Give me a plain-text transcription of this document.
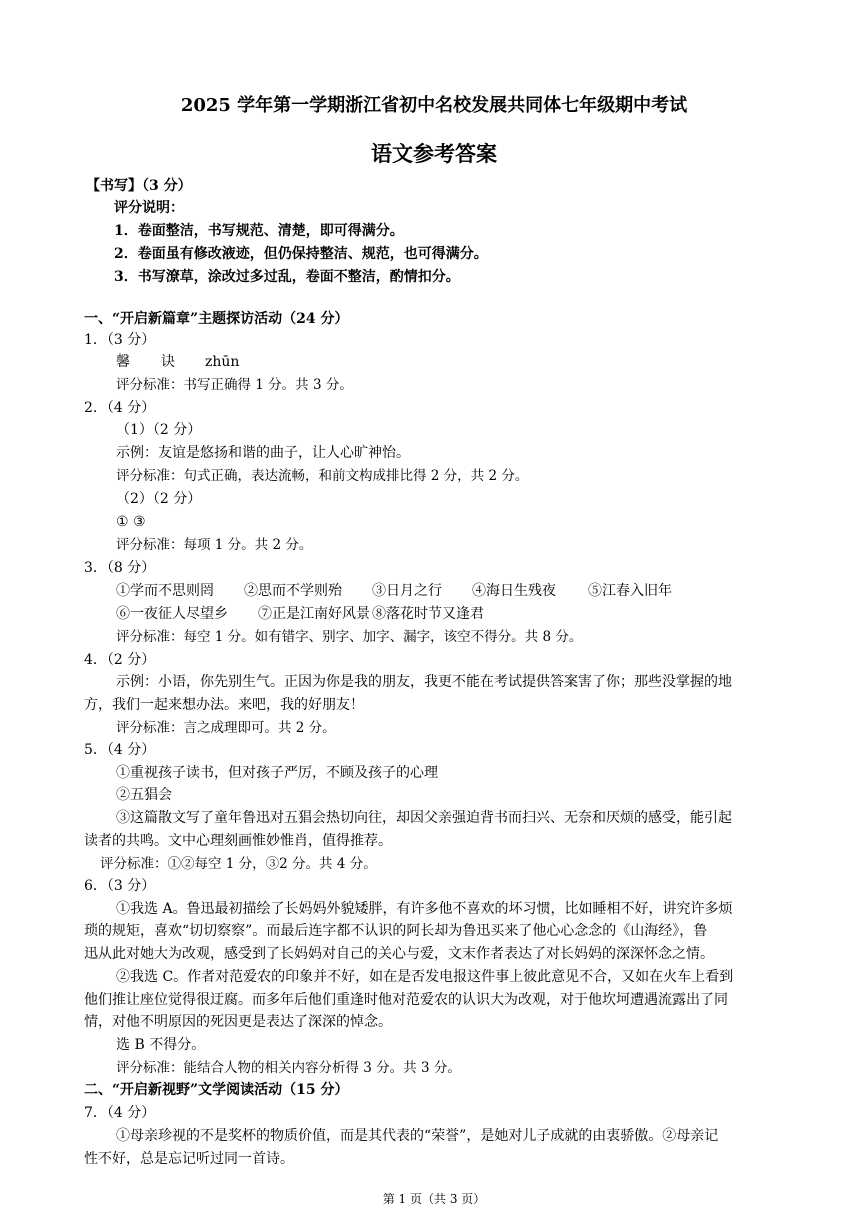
2025 学年第一学期浙江省初中名校发展共同体七年级期中考试
语文参考答案
【书写】（3 分）
评分说明：
1．卷面整洁，书写规范、清楚，即可得满分。
2．卷面虽有修改液迹，但仍保持整洁、规范，也可得满分。
3．书写潦草，涂改过多过乱，卷面不整洁，酌情扣分。
一、“开启新篇章”主题探访活动（24 分）
1．（3 分）
馨 诀 zhūn
评分标准：书写正确得 1 分。共 3 分。
2．（4 分）
（1）（2 分）
示例：友谊是悠扬和谐的曲子，让人心旷神怡。
评分标准：句式正确，表达流畅，和前文构成排比得 2 分，共 2 分。
（2）（2 分）
① ③
评分标准：每项 1 分。共 2 分。
3．（8 分）
①学而不思则罔 ②思而不学则殆 ③日月之行 ④海日生残夜 ⑤江春入旧年
⑥一夜征人尽望乡 ⑦正是江南好风景 ⑧落花时节又逢君
评分标准：每空 1 分。如有错字、别字、加字、漏字，该空不得分。共 8 分。
4．（2 分）
示例：小语，你先别生气。正因为你是我的朋友，我更不能在考试提供答案害了你；那些没掌握的地
方，我们一起来想办法。来吧，我的好朋友！
评分标准：言之成理即可。共 2 分。
5．（4 分）
①重视孩子读书，但对孩子严厉，不顾及孩子的心理
②五猖会
③这篇散文写了童年鲁迅对五猖会热切向往，却因父亲强迫背书而扫兴、无奈和厌烦的感受，能引起
读者的共鸣。文中心理刻画惟妙惟肖，值得推荐。
评分标准：①②每空 1 分，③2 分。共 4 分。
6．（3 分）
①我选 A。鲁迅最初描绘了长妈妈外貌矮胖，有许多他不喜欢的坏习惯，比如睡相不好，讲究许多烦
琐的规矩，喜欢“切切察察”。而最后连字都不认识的阿长却为鲁迅买来了他心心念念的《山海经》，鲁
迅从此对她大为改观，感受到了长妈妈对自己的关心与爱，文末作者表达了对长妈妈的深深怀念之情。
②我选 C。作者对范爱农的印象并不好，如在是否发电报这件事上彼此意见不合，又如在火车上看到
他们推让座位觉得很迂腐。而多年后他们重逢时他对范爱农的认识大为改观，对于他坎坷遭遇流露出了同
情，对他不明原因的死因更是表达了深深的悼念。
选 B 不得分。
评分标准：能结合人物的相关内容分析得 3 分。共 3 分。
二、“开启新视野”文学阅读活动（15 分）
7．（4 分）
①母亲珍视的不是奖杯的物质价值，而是其代表的“荣誉”，是她对儿子成就的由衷骄傲。②母亲记
性不好，总是忘记听过同一首诗。
第 1 页（共 3 页）
